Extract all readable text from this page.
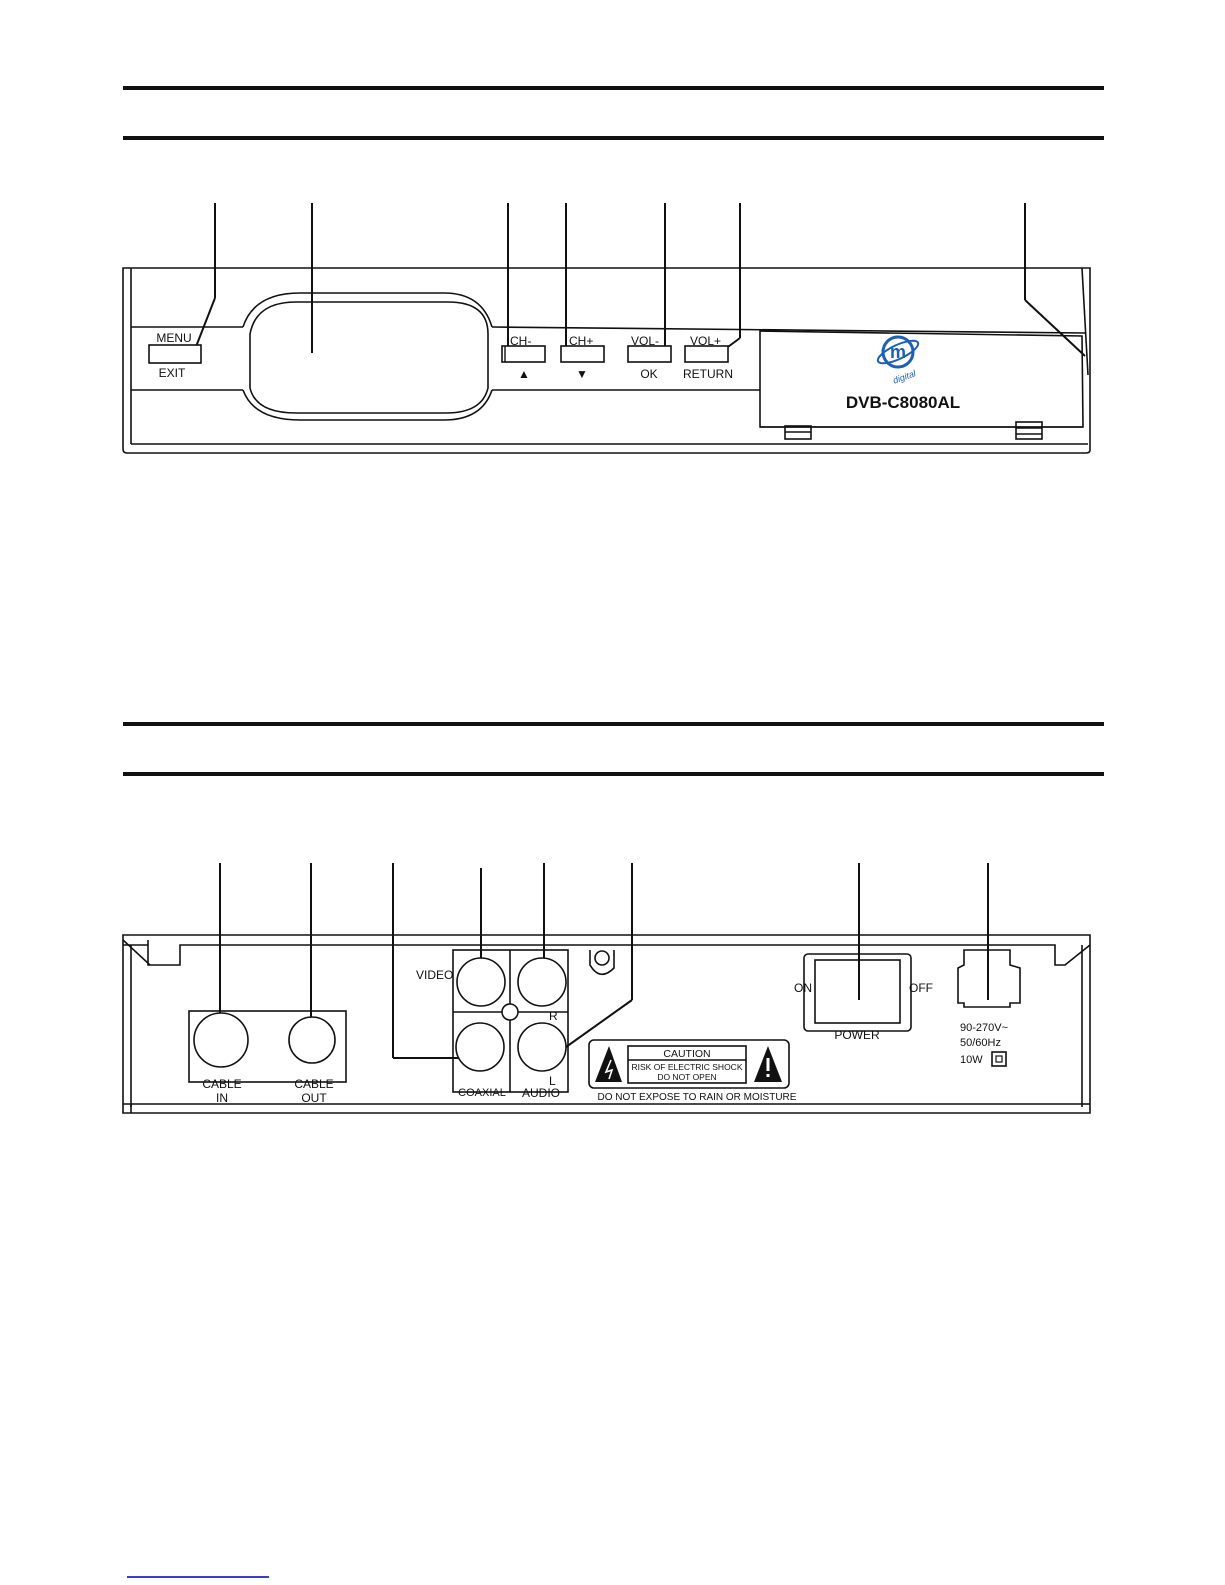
MENU
EXIT
CH-
▲
CH+
▼
VOL-
OK
VOL+
RETURN
m
digital
DVB-C8080AL
CABLE
IN
CABLE
OUT
VIDEO
R
L
COAXIAL AUDIO
ON	OFF
POWER
CAUTION
RISK OF ELECTRIC SHOCK
DO NOT OPEN
DO NOT EXPOSE TO RAIN OR MOISTURE
90-270V~
50/60Hz
10W
